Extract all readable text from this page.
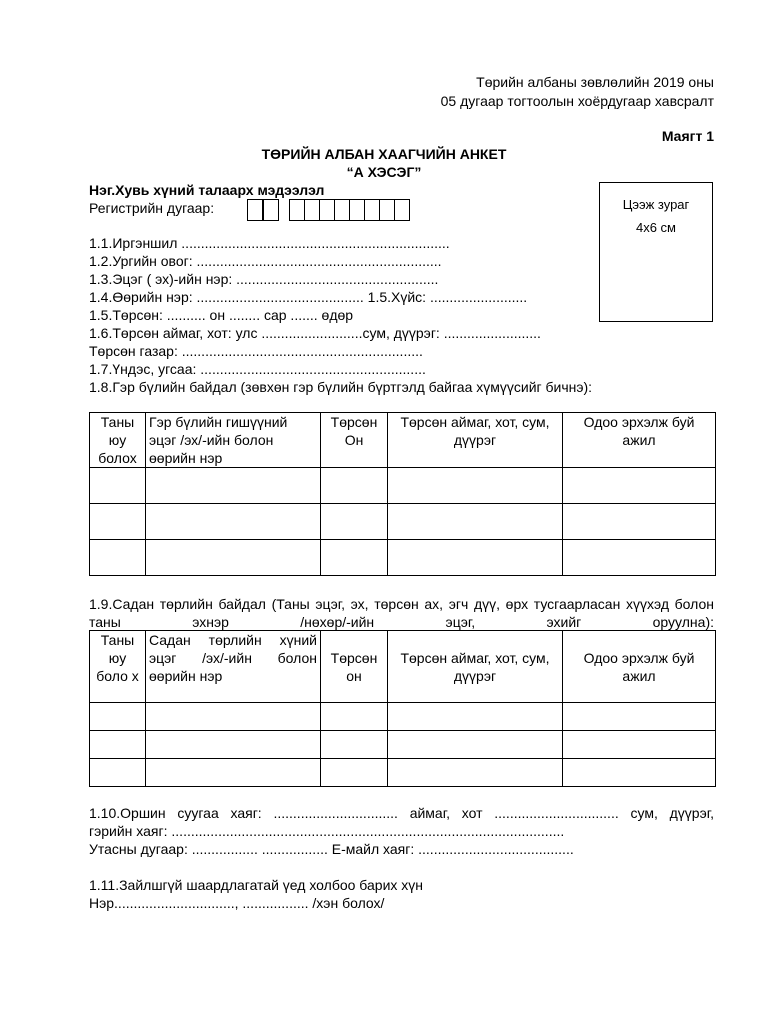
Төрийн албаны зөвлөлийн 2019 оны
05 дугаар тогтоолын хоёрдугаар хавсралт
Маягт 1
ТӨРИЙН АЛБАН ХААГЧИЙН АНКЕТ
“А ХЭСЭГ”
Нэг.Хувь хүний талаарх мэдээлэл
Регистрийн дугаар:	Цээж зураг
4х6 см
1.1.Иргэншил .....................................................................
1.2.Ургийн овог: ...............................................................
1.3.Эцэг ( эх)-ийн нэр: ....................................................
1.4.Өөрийн нэр: ........................................... 1.5.Хүйс: .........................
1.5.Төрсөн: .......... он ........ сар ....... өдөр
1.6.Төрсөн аймаг, хот: улс ..........................сум, дүүрэг: .........................
Төрсөн газар: ..............................................................
1.7.Үндэс, угсаа: ..........................................................
1.8.Гэр бүлийн байдал (зөвхөн гэр бүлийн бүртгэлд байгаа хүмүүсийг бичнэ):
Таны юу болох	Гэр бүлийн гишүүний эцэг /эх/-ийн болон өөрийн нэр	Төрсөн Он	Төрсөн аймаг, хот, сум, дүүрэг	Одоо эрхэлж буй ажил

1.9.Садан төрлийн байдал (Таны эцэг, эх, төрсөн ах, эгч дүү, өрх тусгаарласан хүүхэд болон таны эхнэр /нөхөр/-ийн эцэг, эхийг оруулна):
Таны юу боло х	Садан төрлийн хүний эцэг /эх/-ийн болон өөрийн нэр	Төрсөн он	Төрсөн аймаг, хот, сум, дүүрэг	Одоо эрхэлж буй ажил

1.10.Оршин суугаа хаяг: ................................ аймаг, хот ................................ сум, дүүрэг,
гэрийн хаяг: .....................................................................................................
Утасны дугаар: ................. ................. Е-майл хаяг: ........................................
1.11.Зайлшгүй шаардлагатай үед холбоо барих хүн
Нэр..............................., ................. /хэн болох/
